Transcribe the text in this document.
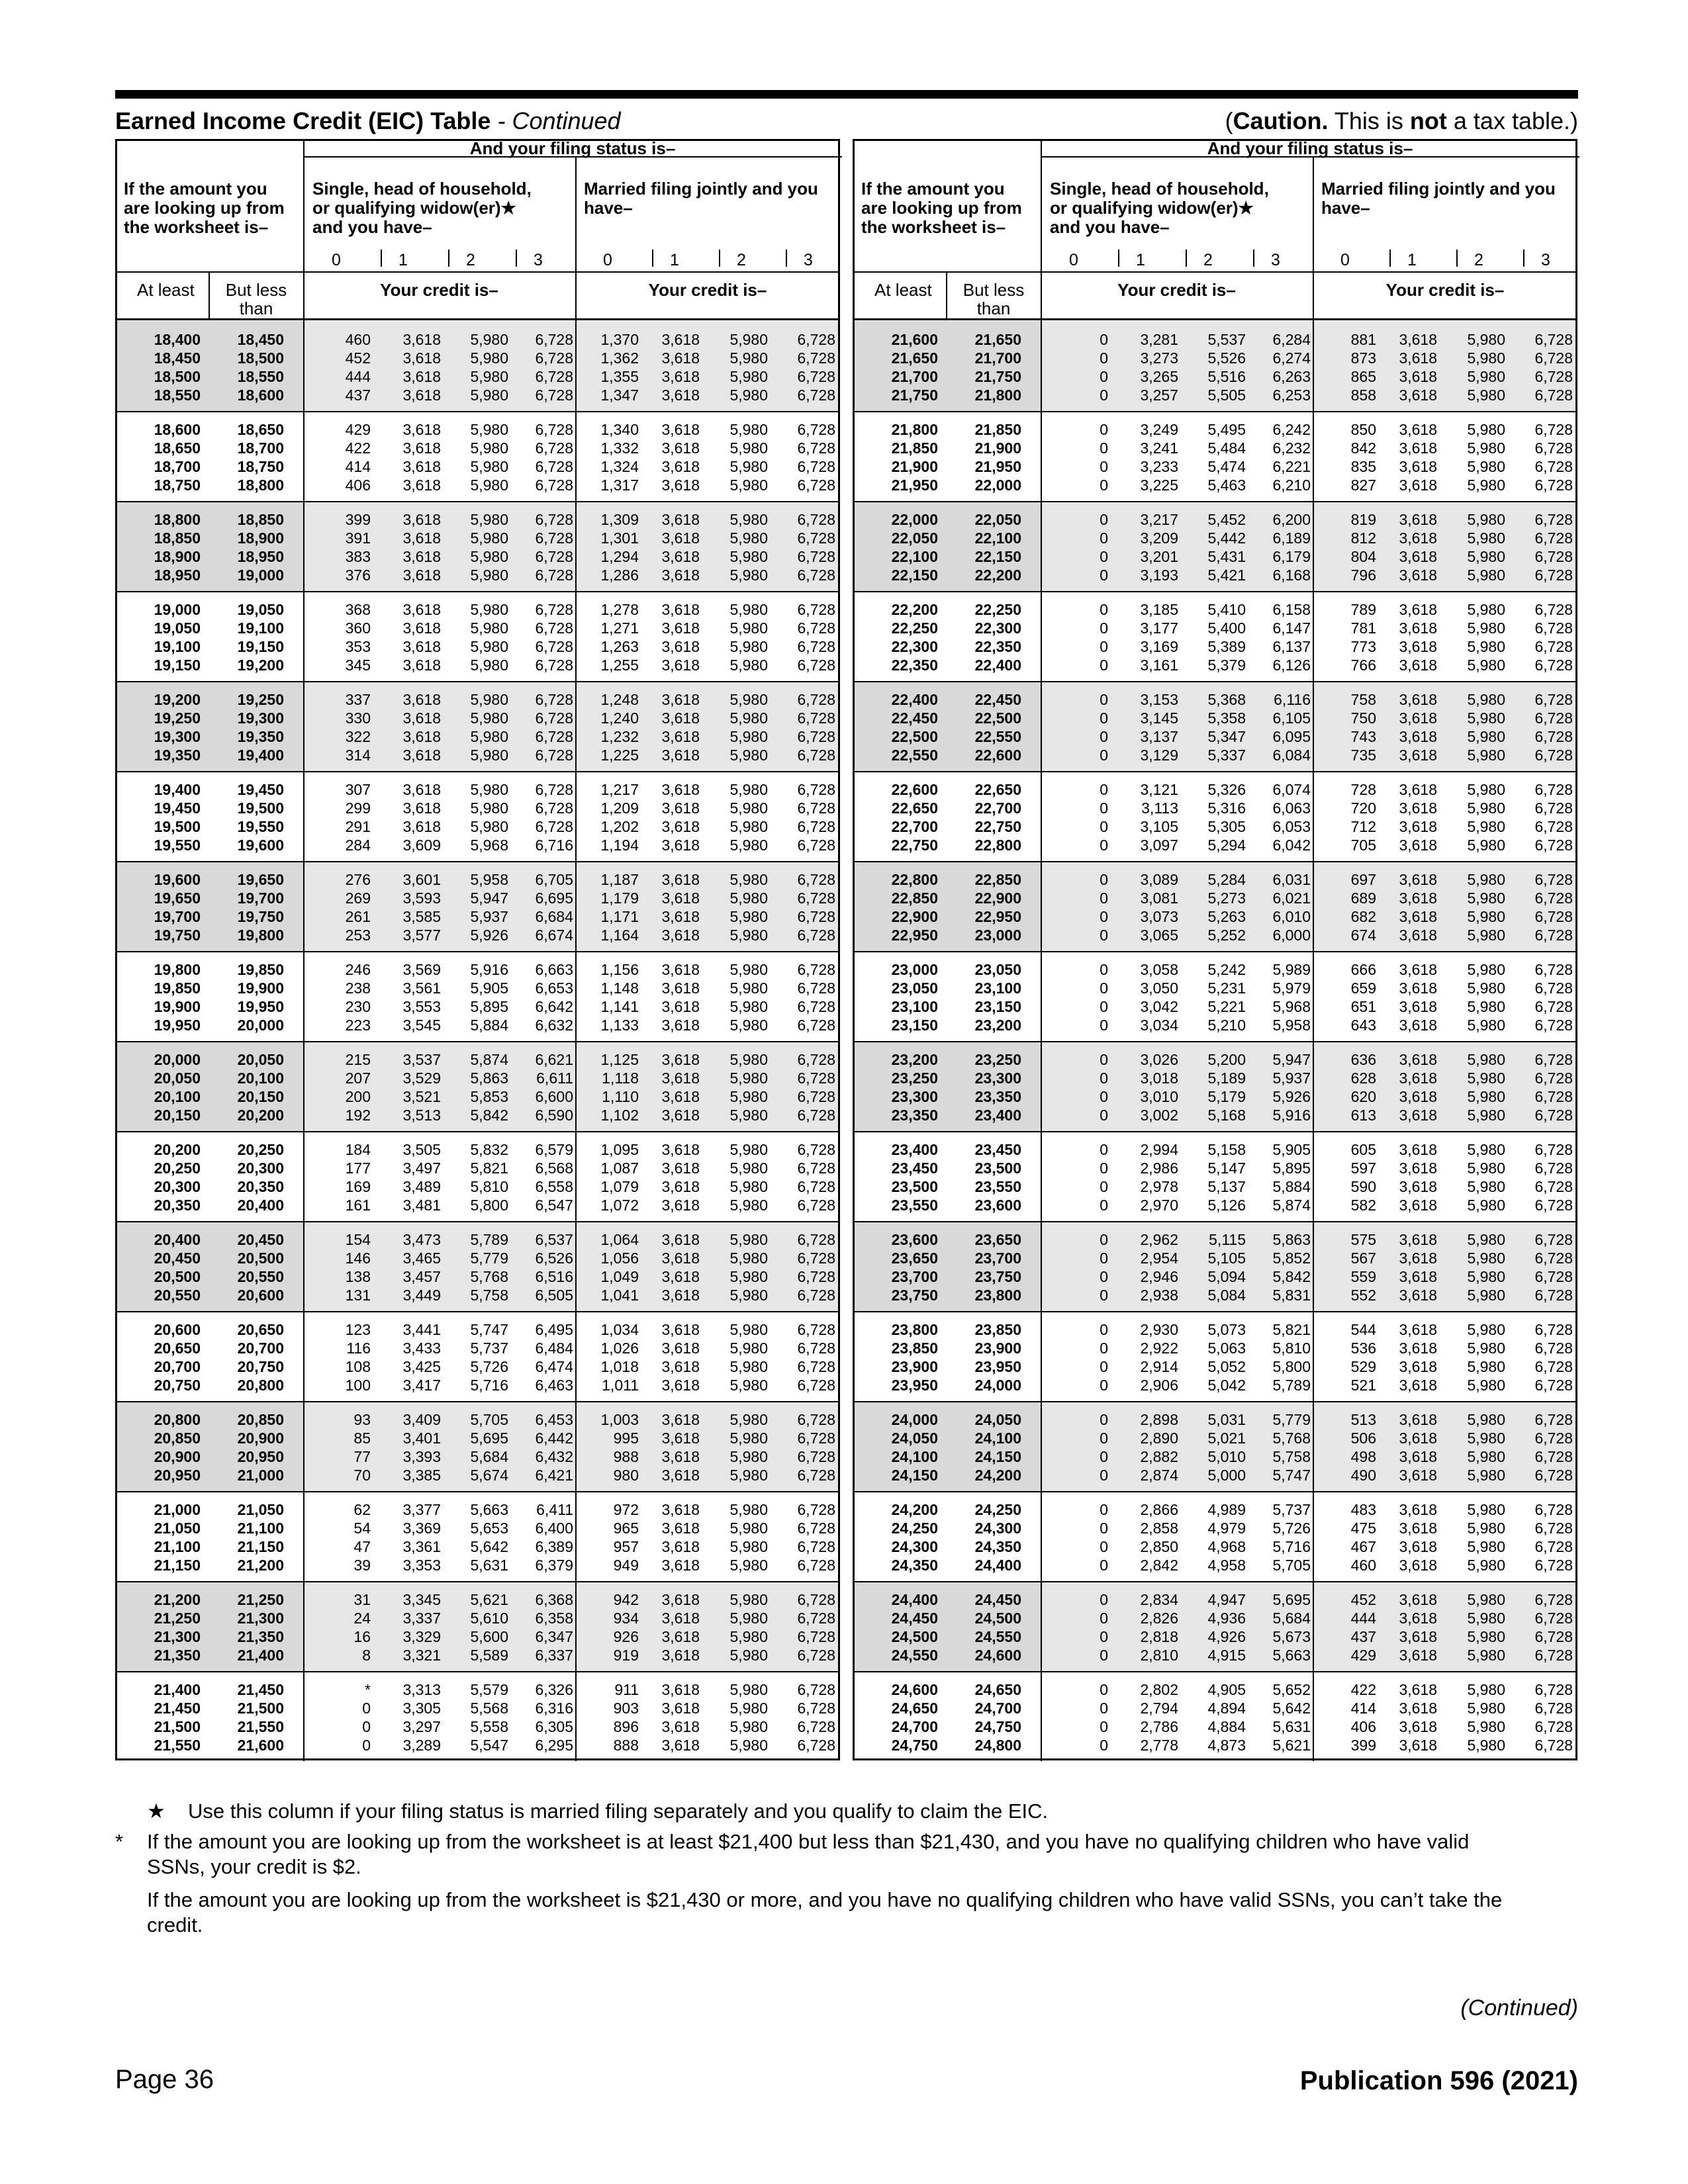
Earned Income Credit (EIC) Table - Continued	(Caution. This is not a tax table.)
And your filing status is–
If the amount you
are looking up from
the worksheet is–
Single, head of household,
or qualifying widow(er)★
and you have–
Married filing jointly and you
have–
0	1	2	3	0	1	2	3
At least	But less
than
Your credit is–	Your credit is–
18,400 18,450	460 3,618 5,980 6,728 1,370 3,618 5,980 6,728
18,450 18,500	452 3,618 5,980 6,728 1,362 3,618 5,980 6,728
18,500 18,550	444 3,618 5,980 6,728 1,355 3,618 5,980 6,728
18,550 18,600	437 3,618 5,980 6,728 1,347 3,618 5,980 6,728
18,600 18,650	429 3,618 5,980 6,728 1,340 3,618 5,980 6,728
18,650 18,700	422 3,618 5,980 6,728 1,332 3,618 5,980 6,728
18,700 18,750	414 3,618 5,980 6,728 1,324 3,618 5,980 6,728
18,750 18,800	406 3,618 5,980 6,728 1,317 3,618 5,980 6,728
18,800 18,850	399 3,618 5,980 6,728 1,309 3,618 5,980 6,728
18,850 18,900	391 3,618 5,980 6,728 1,301 3,618 5,980 6,728
18,900 18,950	383 3,618 5,980 6,728 1,294 3,618 5,980 6,728
18,950 19,000	376 3,618 5,980 6,728 1,286 3,618 5,980 6,728
19,000 19,050	368 3,618 5,980 6,728 1,278 3,618 5,980 6,728
19,050 19,100	360 3,618 5,980 6,728 1,271 3,618 5,980 6,728
19,100 19,150	353 3,618 5,980 6,728 1,263 3,618 5,980 6,728
19,150 19,200	345 3,618 5,980 6,728 1,255 3,618 5,980 6,728
19,200 19,250	337 3,618 5,980 6,728 1,248 3,618 5,980 6,728
19,250 19,300	330 3,618 5,980 6,728 1,240 3,618 5,980 6,728
19,300 19,350	322 3,618 5,980 6,728 1,232 3,618 5,980 6,728
19,350 19,400	314 3,618 5,980 6,728 1,225 3,618 5,980 6,728
19,400 19,450	307 3,618 5,980 6,728 1,217 3,618 5,980 6,728
19,450 19,500	299 3,618 5,980 6,728 1,209 3,618 5,980 6,728
19,500 19,550	291 3,618 5,980 6,728 1,202 3,618 5,980 6,728
19,550 19,600	284 3,609 5,968 6,716 1,194 3,618 5,980 6,728
19,600 19,650	276 3,601 5,958 6,705 1,187 3,618 5,980 6,728
19,650 19,700	269 3,593 5,947 6,695 1,179 3,618 5,980 6,728
19,700 19,750	261 3,585 5,937 6,684 1,171 3,618 5,980 6,728
19,750 19,800	253 3,577 5,926 6,674 1,164 3,618 5,980 6,728
19,800 19,850	246 3,569 5,916 6,663 1,156 3,618 5,980 6,728
19,850 19,900	238 3,561 5,905 6,653 1,148 3,618 5,980 6,728
19,900 19,950	230 3,553 5,895 6,642 1,141 3,618 5,980 6,728
19,950 20,000	223 3,545 5,884 6,632 1,133 3,618 5,980 6,728
20,000 20,050	215 3,537 5,874 6,621 1,125 3,618 5,980 6,728
20,050 20,100	207 3,529 5,863 6,611 1,118 3,618 5,980 6,728
20,100 20,150	200 3,521 5,853 6,600 1,110 3,618 5,980 6,728
20,150 20,200	192 3,513 5,842 6,590 1,102 3,618 5,980 6,728
20,200 20,250	184 3,505 5,832 6,579 1,095 3,618 5,980 6,728
20,250 20,300	177 3,497 5,821 6,568 1,087 3,618 5,980 6,728
20,300 20,350	169 3,489 5,810 6,558 1,079 3,618 5,980 6,728
20,350 20,400	161 3,481 5,800 6,547 1,072 3,618 5,980 6,728
20,400 20,450	154 3,473 5,789 6,537 1,064 3,618 5,980 6,728
20,450 20,500	146 3,465 5,779 6,526 1,056 3,618 5,980 6,728
20,500 20,550	138 3,457 5,768 6,516 1,049 3,618 5,980 6,728
20,550 20,600	131 3,449 5,758 6,505 1,041 3,618 5,980 6,728
20,600 20,650	123 3,441 5,747 6,495 1,034 3,618 5,980 6,728
20,650 20,700	116 3,433 5,737 6,484 1,026 3,618 5,980 6,728
20,700 20,750	108 3,425 5,726 6,474 1,018 3,618 5,980 6,728
20,750 20,800	100 3,417 5,716 6,463 1,011 3,618 5,980 6,728
20,800 20,850	93 3,409 5,705 6,453 1,003 3,618 5,980 6,728
20,850 20,900	85 3,401 5,695 6,442	995 3,618 5,980 6,728
20,900 20,950	77 3,393 5,684 6,432	988 3,618 5,980 6,728
20,950 21,000	70 3,385 5,674 6,421	980 3,618 5,980 6,728
21,000 21,050	62 3,377 5,663 6,411	972 3,618 5,980 6,728
21,050 21,100	54 3,369 5,653 6,400	965 3,618 5,980 6,728
21,100 21,150	47 3,361 5,642 6,389	957 3,618 5,980 6,728
21,150 21,200	39 3,353 5,631 6,379	949 3,618 5,980 6,728
21,200 21,250	31 3,345 5,621 6,368	942 3,618 5,980 6,728
21,250 21,300	24 3,337 5,610 6,358	934 3,618 5,980 6,728
21,300 21,350	16 3,329 5,600 6,347	926 3,618 5,980 6,728
21,350 21,400	8 3,321 5,589 6,337	919 3,618 5,980 6,728
21,400 21,450	* 3,313 5,579 6,326	911 3,618 5,980 6,728
21,450 21,500	0 3,305 5,568 6,316	903 3,618 5,980 6,728
21,500 21,550	0 3,297 5,558 6,305	896 3,618 5,980 6,728
21,550 21,600	0 3,289 5,547 6,295	888 3,618 5,980 6,728
And your filing status is–
If the amount you
are looking up from
the worksheet is–
Single, head of household,
or qualifying widow(er)★
and you have–
Married filing jointly and you
have–
0	1	2	3	0	1	2	3
At least	But less
than
Your credit is–	Your credit is–
21,600 21,650	0 3,281 5,537 6,284	881 3,618 5,980 6,728
21,650 21,700	0 3,273 5,526 6,274	873 3,618 5,980 6,728
21,700 21,750	0 3,265 5,516 6,263	865 3,618 5,980 6,728
21,750 21,800	0 3,257 5,505 6,253	858 3,618 5,980 6,728
21,800 21,850	0 3,249 5,495 6,242	850 3,618 5,980 6,728
21,850 21,900	0 3,241 5,484 6,232	842 3,618 5,980 6,728
21,900 21,950	0 3,233 5,474 6,221	835 3,618 5,980 6,728
21,950 22,000	0 3,225 5,463 6,210	827 3,618 5,980 6,728
22,000 22,050	0 3,217 5,452 6,200	819 3,618 5,980 6,728
22,050 22,100	0 3,209 5,442 6,189	812 3,618 5,980 6,728
22,100 22,150	0 3,201 5,431 6,179	804 3,618 5,980 6,728
22,150 22,200	0 3,193 5,421 6,168	796 3,618 5,980 6,728
22,200 22,250	0 3,185 5,410 6,158	789 3,618 5,980 6,728
22,250 22,300	0 3,177 5,400 6,147	781 3,618 5,980 6,728
22,300 22,350	0 3,169 5,389 6,137	773 3,618 5,980 6,728
22,350 22,400	0 3,161 5,379 6,126	766 3,618 5,980 6,728
22,400 22,450	0 3,153 5,368 6,116	758 3,618 5,980 6,728
22,450 22,500	0 3,145 5,358 6,105	750 3,618 5,980 6,728
22,500 22,550	0 3,137 5,347 6,095	743 3,618 5,980 6,728
22,550 22,600	0 3,129 5,337 6,084	735 3,618 5,980 6,728
22,600 22,650	0 3,121 5,326 6,074	728 3,618 5,980 6,728
22,650 22,700	0 3,113 5,316 6,063	720 3,618 5,980 6,728
22,700 22,750	0 3,105 5,305 6,053	712 3,618 5,980 6,728
22,750 22,800	0 3,097 5,294 6,042	705 3,618 5,980 6,728
22,800 22,850	0 3,089 5,284 6,031	697 3,618 5,980 6,728
22,850 22,900	0 3,081 5,273 6,021	689 3,618 5,980 6,728
22,900 22,950	0 3,073 5,263 6,010	682 3,618 5,980 6,728
22,950 23,000	0 3,065 5,252 6,000	674 3,618 5,980 6,728
23,000 23,050	0 3,058 5,242 5,989	666 3,618 5,980 6,728
23,050 23,100	0 3,050 5,231 5,979	659 3,618 5,980 6,728
23,100 23,150	0 3,042 5,221 5,968	651 3,618 5,980 6,728
23,150 23,200	0 3,034 5,210 5,958	643 3,618 5,980 6,728
23,200 23,250	0 3,026 5,200 5,947	636 3,618 5,980 6,728
23,250 23,300	0 3,018 5,189 5,937	628 3,618 5,980 6,728
23,300 23,350	0 3,010 5,179 5,926	620 3,618 5,980 6,728
23,350 23,400	0 3,002 5,168 5,916	613 3,618 5,980 6,728
23,400 23,450	0 2,994 5,158 5,905	605 3,618 5,980 6,728
23,450 23,500	0 2,986 5,147 5,895	597 3,618 5,980 6,728
23,500 23,550	0 2,978 5,137 5,884	590 3,618 5,980 6,728
23,550 23,600	0 2,970 5,126 5,874	582 3,618 5,980 6,728
23,600 23,650	0 2,962 5,115 5,863	575 3,618 5,980 6,728
23,650 23,700	0 2,954 5,105 5,852	567 3,618 5,980 6,728
23,700 23,750	0 2,946 5,094 5,842	559 3,618 5,980 6,728
23,750 23,800	0 2,938 5,084 5,831	552 3,618 5,980 6,728
23,800 23,850	0 2,930 5,073 5,821	544 3,618 5,980 6,728
23,850 23,900	0 2,922 5,063 5,810	536 3,618 5,980 6,728
23,900 23,950	0 2,914 5,052 5,800	529 3,618 5,980 6,728
23,950 24,000	0 2,906 5,042 5,789	521 3,618 5,980 6,728
24,000 24,050	0 2,898 5,031 5,779	513 3,618 5,980 6,728
24,050 24,100	0 2,890 5,021 5,768	506 3,618 5,980 6,728
24,100 24,150	0 2,882 5,010 5,758	498 3,618 5,980 6,728
24,150 24,200	0 2,874 5,000 5,747	490 3,618 5,980 6,728
24,200 24,250	0 2,866 4,989 5,737	483 3,618 5,980 6,728
24,250 24,300	0 2,858 4,979 5,726	475 3,618 5,980 6,728
24,300 24,350	0 2,850 4,968 5,716	467 3,618 5,980 6,728
24,350 24,400	0 2,842 4,958 5,705	460 3,618 5,980 6,728
24,400 24,450	0 2,834 4,947 5,695	452 3,618 5,980 6,728
24,450 24,500	0 2,826 4,936 5,684	444 3,618 5,980 6,728
24,500 24,550	0 2,818 4,926 5,673	437 3,618 5,980 6,728
24,550 24,600	0 2,810 4,915 5,663	429 3,618 5,980 6,728
24,600 24,650	0 2,802 4,905 5,652	422 3,618 5,980 6,728
24,650 24,700	0 2,794 4,894 5,642	414 3,618 5,980 6,728
24,700 24,750	0 2,786 4,884 5,631	406 3,618 5,980 6,728
24,750 24,800	0 2,778 4,873 5,621	399 3,618 5,980 6,728
★ Use this column if your filing status is married filing separately and you qualify to claim the EIC.
* If the amount you are looking up from the worksheet is at least $21,400 but less than $21,430, and you have no qualifying children who have valid
SSNs, your credit is $2.
If the amount you are looking up from the worksheet is $21,430 or more, and you have no qualifying children who have valid SSNs, you can’t take the
credit.
(Continued)
Page 36	Publication 596 (2021)
